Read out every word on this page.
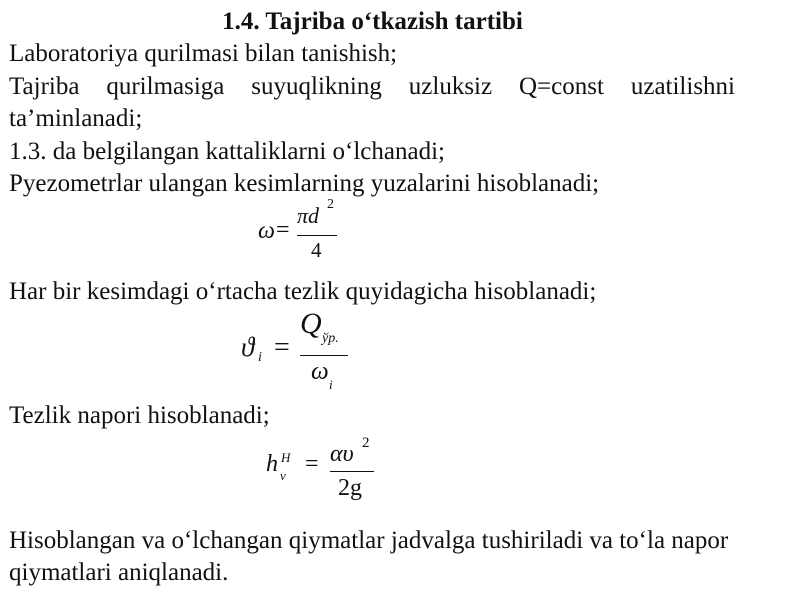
1.4. Tajriba o‘tkazish tartibi
Laboratoriya qurilmasi bilan tanishish;
Tajriba qurilmasiga suyuqlikning uzluksiz Q=const uzatilishni
ta’minlanadi;
1.3. da belgilangan kattaliklarni o‘lchanadi;
Pyezometrlar ulangan kesimlarning yuzalarini hisoblanadi;
ω =
πd 2
4
Har bir kesimdagi o‘rtacha tezlik quyidagicha hisoblanadi;
ϑ i =
Q ўр.
ω i
Tezlik napori hisoblanadi;
h H
ν = αυ 2
2g
Hisoblangan va o‘lchangan qiymatlar jadvalga tushiriladi va to‘la napor
qiymatlari aniqlanadi.
